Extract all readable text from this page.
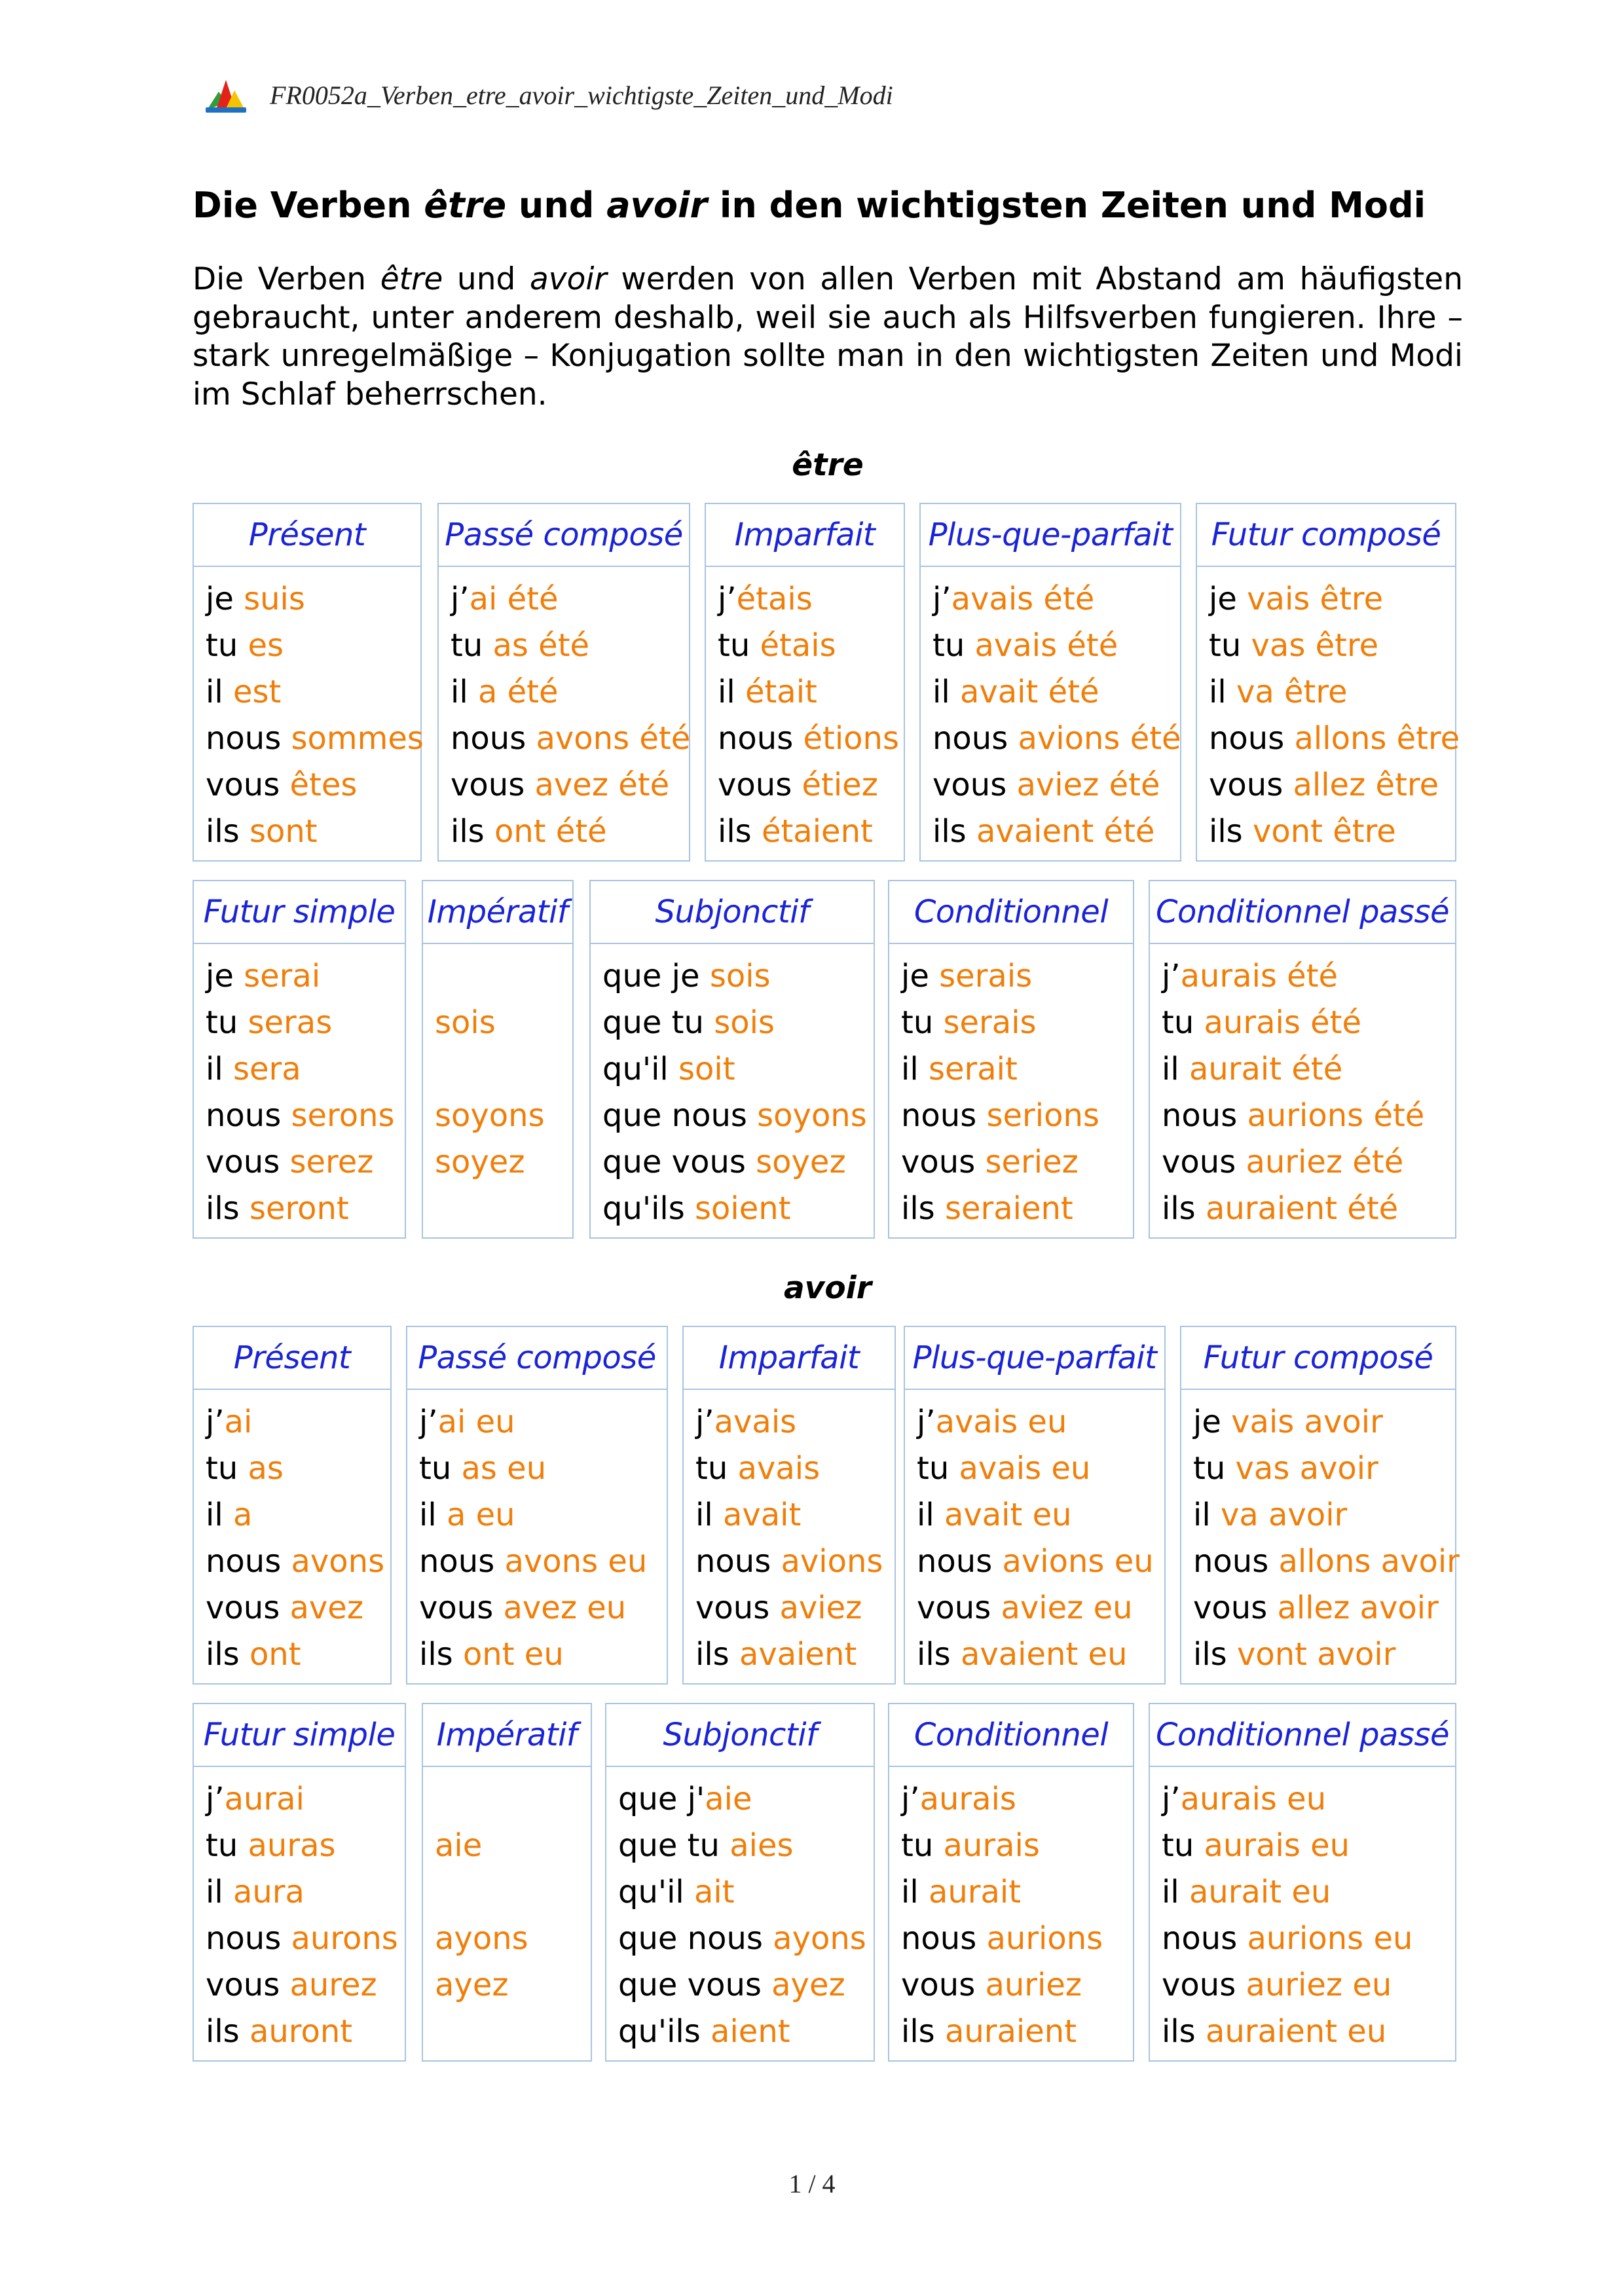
FR0052a_Verben_etre_avoir_wichtigste_Zeiten_und_Modi
Die Verben être und avoir in den wichtigsten Zeiten und Modi
Die Verben être und avoir werden von allen Verben mit Abstand am häufigsten gebraucht, unter anderem deshalb, weil sie auch als Hilfsverben fungieren. Ihre – stark unregelmäßige – Konjugation sollte man in den wichtigsten Zeiten und Modi im Schlaf beherrschen.
être
Présent
je suis
tu es
il est
nous sommes
vous êtes
ils sont
Passé composé
j’ai été
tu as été
il a été
nous avons été
vous avez été
ils ont été
Imparfait
j’étais
tu étais
il était
nous étions
vous étiez
ils étaient
Plus-que-parfait
j’avais été
tu avais été
il avait été
nous avions été
vous aviez été
ils avaient été
Futur composé
je vais être
tu vas être
il va être
nous allons être
vous allez être
ils vont être
Futur simple
je serai
tu seras
il sera
nous serons
vous serez
ils seront
Impératif
sois
soyons
soyez
Subjonctif
que je sois
que tu sois
qu'il soit
que nous soyons
que vous soyez
qu'ils soient
Conditionnel
je serais
tu serais
il serait
nous serions
vous seriez
ils seraient
Conditionnel passé
j’aurais été
tu aurais été
il aurait été
nous aurions été
vous auriez été
ils auraient été
avoir
Présent
j’ai
tu as
il a
nous avons
vous avez
ils ont
Passé composé
j’ai eu
tu as eu
il a eu
nous avons eu
vous avez eu
ils ont eu
Imparfait
j’avais
tu avais
il avait
nous avions
vous aviez
ils avaient
Plus-que-parfait
j’avais eu
tu avais eu
il avait eu
nous avions eu
vous aviez eu
ils avaient eu
Futur composé
je vais avoir
tu vas avoir
il va avoir
nous allons avoir
vous allez avoir
ils vont avoir
Futur simple
j’aurai
tu auras
il aura
nous aurons
vous aurez
ils auront
Impératif
aie
ayons
ayez
Subjonctif
que j'aie
que tu aies
qu'il ait
que nous ayons
que vous ayez
qu'ils aient
Conditionnel
j’aurais
tu aurais
il aurait
nous aurions
vous auriez
ils auraient
Conditionnel passé
j’aurais eu
tu aurais eu
il aurait eu
nous aurions eu
vous auriez eu
ils auraient eu
1 / 4
